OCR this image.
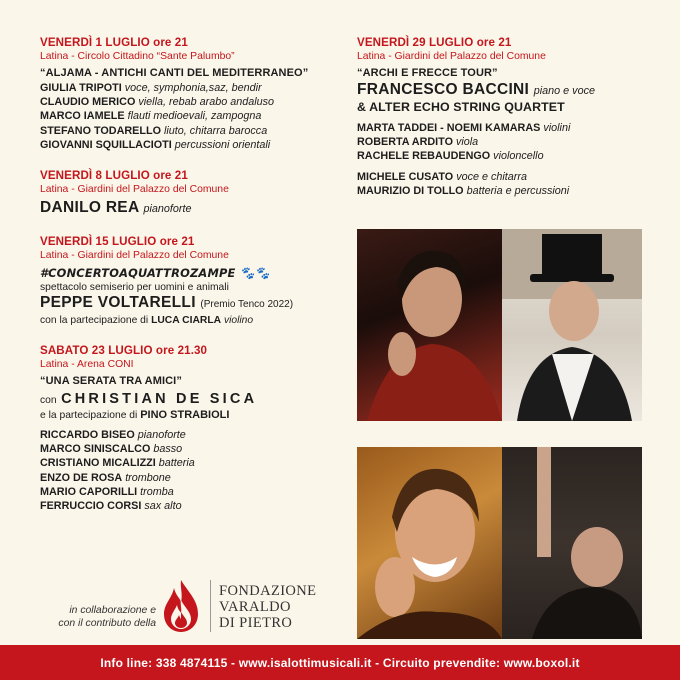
VENERDÌ 1 LUGLIO ore 21
Latina - Circolo Cittadino “Sante Palumbo”
“ALJAMA - ANTICHI CANTI DEL MEDITERRANEO”
GIULIA TRIPOTI voce, symphonia,saz, bendir
CLAUDIO MERICO viella, rebab arabo andaluso
MARCO IAMELE flauti medioevali, zampogna
STEFANO TODARELLO liuto, chitarra barocca
GIOVANNI SQUILLACIOTI percussioni orientali
VENERDÌ 8 LUGLIO ore 21
Latina - Giardini del Palazzo del Comune
DANILO REA pianoforte
VENERDÌ 15 LUGLIO ore 21
Latina - Giardini del Palazzo del Comune
#CONCERTOAQUATTROZAMPE 🐾🐾
spettacolo semiserio per uomini e animali
PEPPE VOLTARELLI (Premio Tenco 2022)
con la partecipazione di LUCA CIARLA violino
SABATO 23 LUGLIO ore 21.30
Latina - Arena CONI
“UNA SERATA TRA AMICI”
con CHRISTIAN DE SICA
e la partecipazione di PINO STRABIOLI
RICCARDO BISEO pianoforte
MARCO SINISCALCO basso
CRISTIANO MICALIZZI batteria
ENZO DE ROSA trombone
MARIO CAPORILLI tromba
FERRUCCIO CORSI sax alto
VENERDÌ 29 LUGLIO ore 21
Latina - Giardini del Palazzo del Comune
“ARCHI E FRECCE TOUR”
FRANCESCO BACCINI piano e voce
& ALTER ECHO STRING QUARTET
MARTA TADDEI - NOEMI KAMARAS violini
ROBERTA ARDITO viola
RACHELE REBAUDENGO violoncello
MICHELE CUSATO voce e chitarra
MAURIZIO DI TOLLO batteria e percussioni
in collaborazione e
con il contributo della
FONDAZIONE
VARALDO
DI PIETRO
Info line: 338 4874115 - www.isalottimusicali.it - Circuito prevendite: www.boxol.it
